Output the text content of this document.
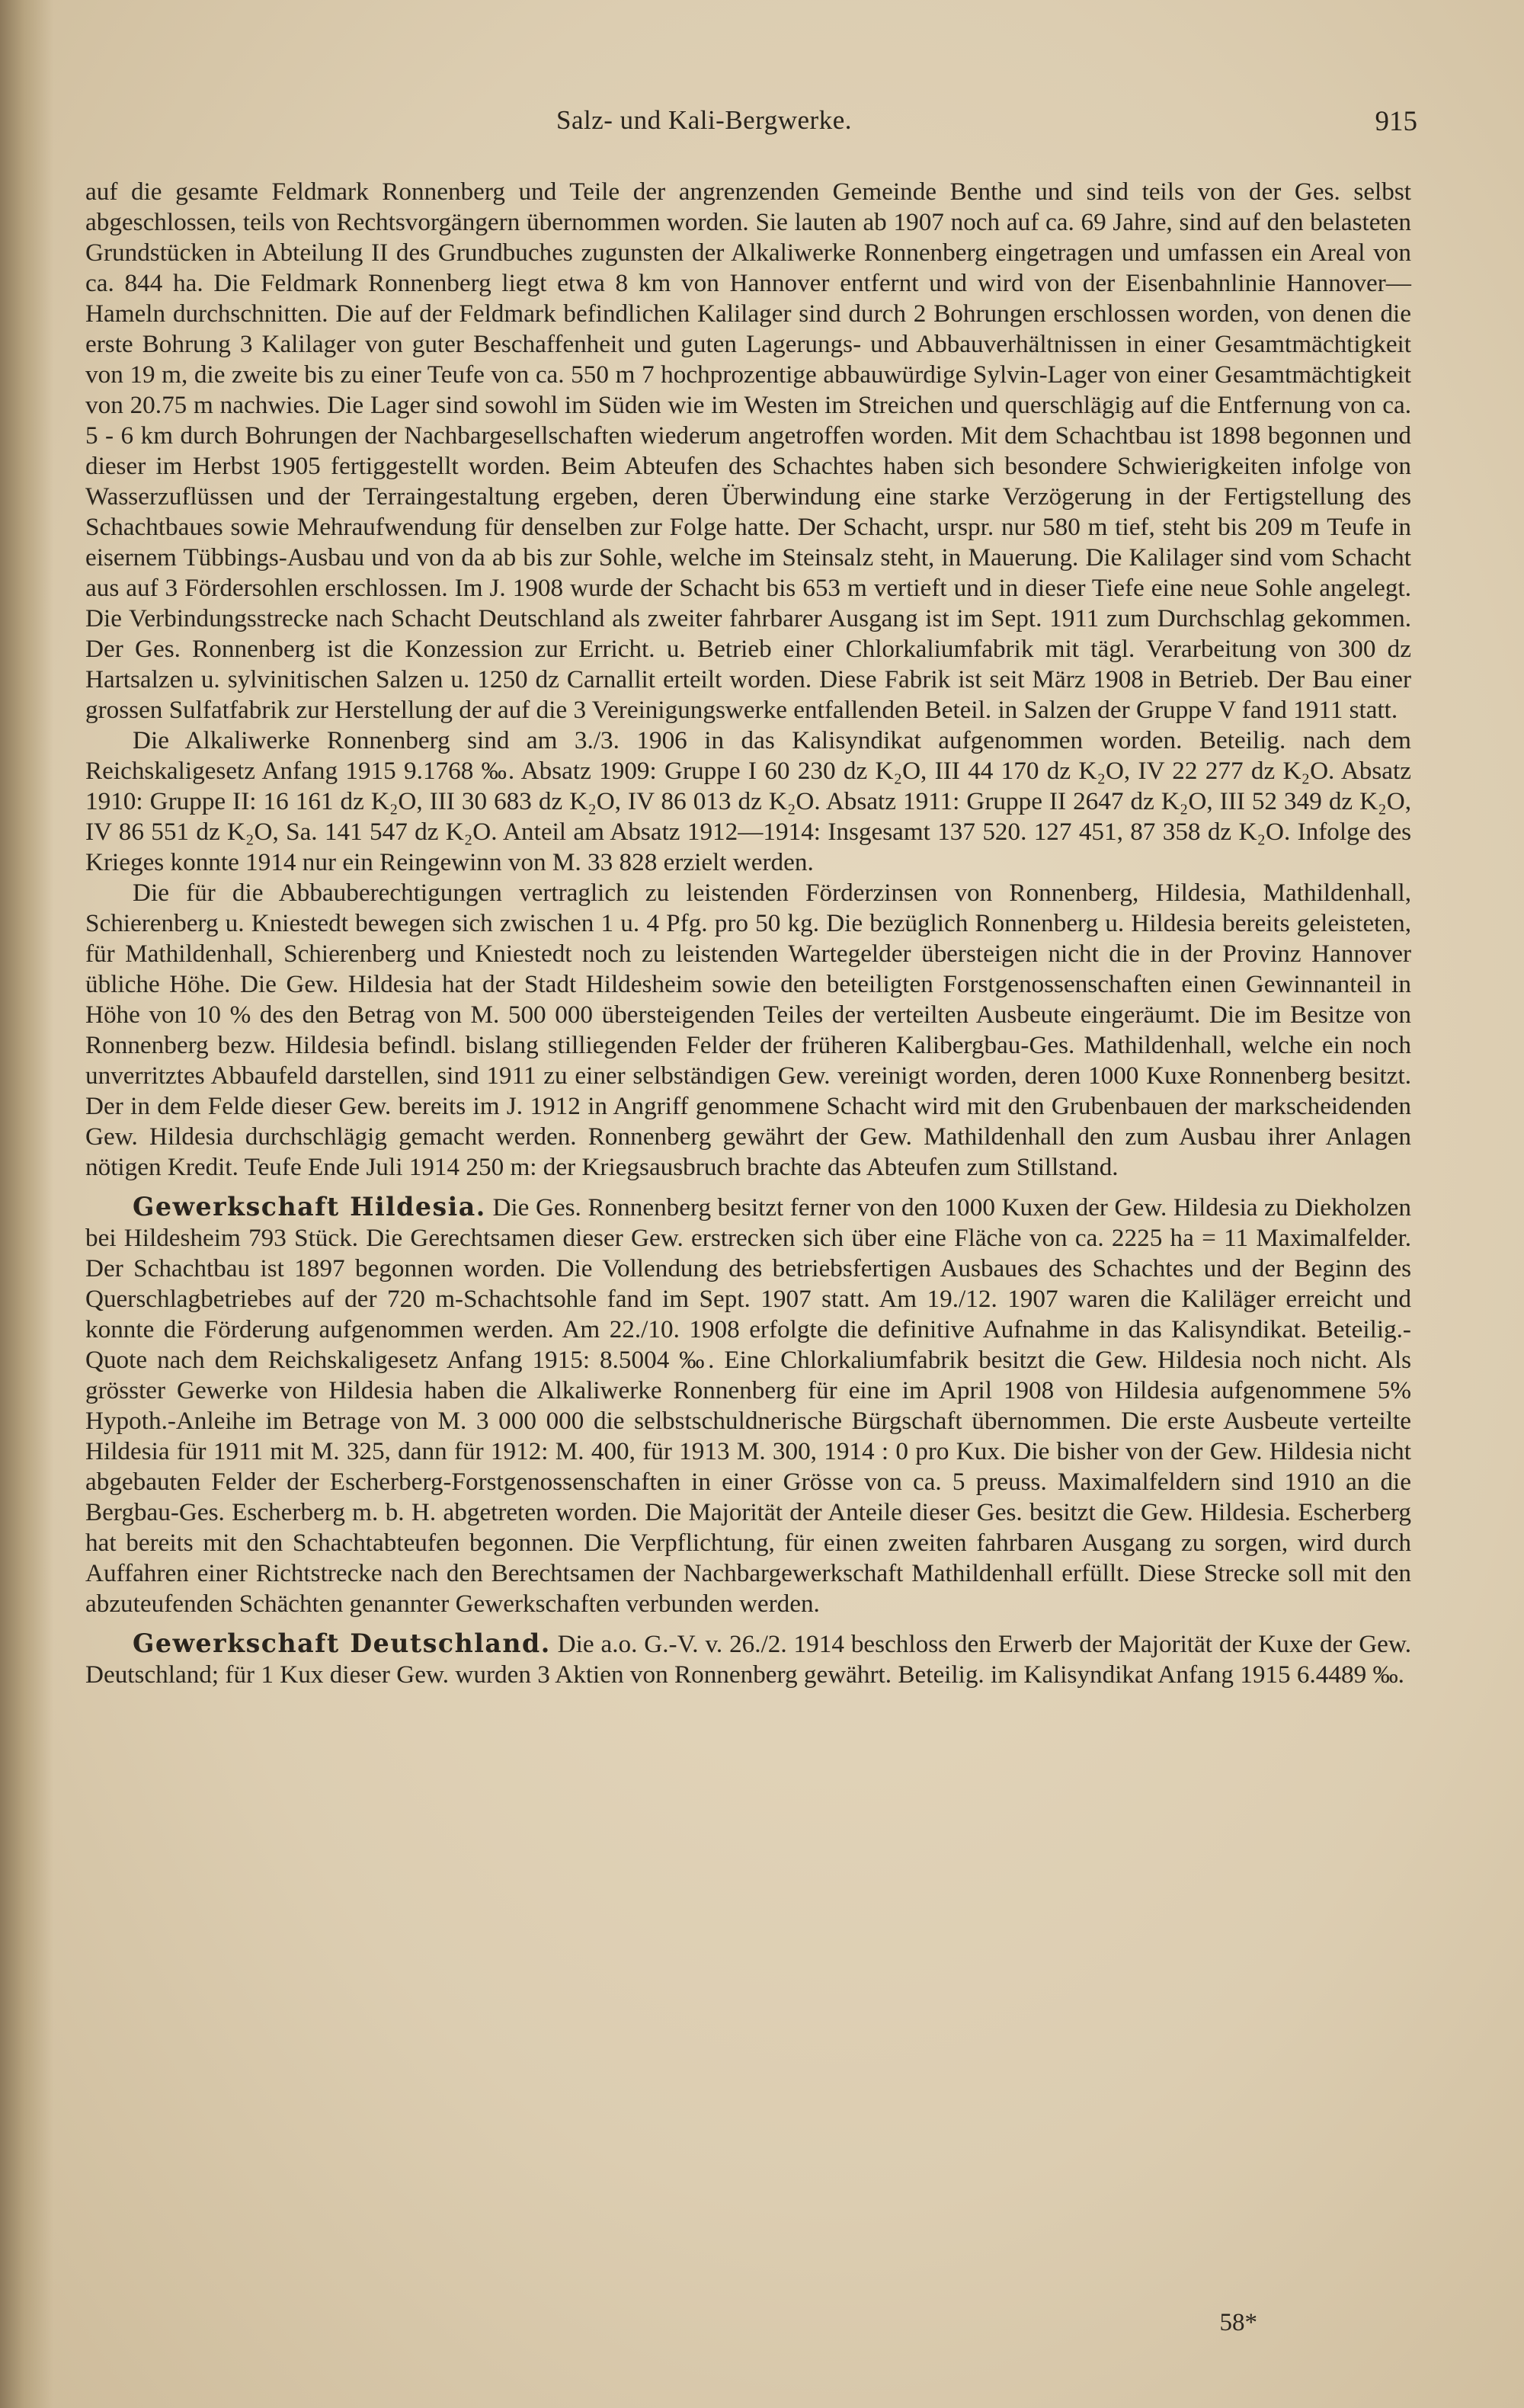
Salz- und Kali-Bergwerke.	915

auf die gesamte Feldmark Ronnenberg und Teile der angrenzenden Gemeinde Benthe und sind teils von der Ges. selbst abgeschlossen, teils von Rechtsvorgängern übernommen worden. Sie lauten ab 1907 noch auf ca. 69 Jahre, sind auf den belasteten Grundstücken in Abteilung II des Grundbuches zugunsten der Alkaliwerke Ronnenberg eingetragen und umfassen ein Areal von ca. 844 ha. Die Feldmark Ronnenberg liegt etwa 8 km von Hannover entfernt und wird von der Eisenbahnlinie Hannover—Hameln durchschnitten. Die auf der Feldmark befindlichen Kalilager sind durch 2 Bohrungen erschlossen worden, von denen die erste Bohrung 3 Kalilager von guter Beschaffenheit und guten Lagerungs- und Abbauverhältnissen in einer Gesamtmächtigkeit von 19 m, die zweite bis zu einer Teufe von ca. 550 m 7 hochprozentige abbauwürdige Sylvin-Lager von einer Gesamtmächtigkeit von 20.75 m nachwies. Die Lager sind sowohl im Süden wie im Westen im Streichen und querschlägig auf die Entfernung von ca. 5 - 6 km durch Bohrungen der Nachbargesellschaften wiederum angetroffen worden. Mit dem Schachtbau ist 1898 begonnen und dieser im Herbst 1905 fertiggestellt worden. Beim Abteufen des Schachtes haben sich besondere Schwierigkeiten infolge von Wasserzuflüssen und der Terraingestaltung ergeben, deren Überwindung eine starke Verzögerung in der Fertigstellung des Schachtbaues sowie Mehraufwendung für denselben zur Folge hatte. Der Schacht, urspr. nur 580 m tief, steht bis 209 m Teufe in eisernem Tübbings-Ausbau und von da ab bis zur Sohle, welche im Steinsalz steht, in Mauerung. Die Kalilager sind vom Schacht aus auf 3 Fördersohlen erschlossen. Im J. 1908 wurde der Schacht bis 653 m vertieft und in dieser Tiefe eine neue Sohle angelegt. Die Verbindungsstrecke nach Schacht Deutschland als zweiter fahrbarer Ausgang ist im Sept. 1911 zum Durchschlag gekommen. Der Ges. Ronnenberg ist die Konzession zur Erricht. u. Betrieb einer Chlorkaliumfabrik mit tägl. Verarbeitung von 300 dz Hartsalzen u. sylvinitischen Salzen u. 1250 dz Carnallit erteilt worden. Diese Fabrik ist seit März 1908 in Betrieb. Der Bau einer grossen Sulfatfabrik zur Herstellung der auf die 3 Vereinigungswerke entfallenden Beteil. in Salzen der Gruppe V fand 1911 statt.

Die Alkaliwerke Ronnenberg sind am 3./3. 1906 in das Kalisyndikat aufgenommen worden. Beteilig. nach dem Reichskaligesetz Anfang 1915 9.1768 ‰. Absatz 1909: Gruppe I 60 230 dz K₂O, III 44 170 dz K₂O, IV 22 277 dz K₂O. Absatz 1910: Gruppe II: 16 161 dz K₂O, III 30 683 dz K₂O, IV 86 013 dz K₂O. Absatz 1911: Gruppe II 2647 dz K₂O, III 52 349 dz K₂O, IV 86 551 dz K₂O, Sa. 141 547 dz K₂O. Anteil am Absatz 1912—1914: Insgesamt 137 520. 127 451, 87 358 dz K₂O. Infolge des Krieges konnte 1914 nur ein Reingewinn von M. 33 828 erzielt werden.

Die für die Abbauberechtigungen vertraglich zu leistenden Förderzinsen von Ronnenberg, Hildesia, Mathildenhall, Schierenberg u. Kniestedt bewegen sich zwischen 1 u. 4 Pfg. pro 50 kg. Die bezüglich Ronnenberg u. Hildesia bereits geleisteten, für Mathildenhall, Schierenberg und Kniestedt noch zu leistenden Wartegelder übersteigen nicht die in der Provinz Hannover übliche Höhe. Die Gew. Hildesia hat der Stadt Hildesheim sowie den beteiligten Forstgenossenschaften einen Gewinnanteil in Höhe von 10 % des den Betrag von M. 500 000 übersteigenden Teiles der verteilten Ausbeute eingeräumt. Die im Besitze von Ronnenberg bezw. Hildesia befindl. bislang stilliegenden Felder der früheren Kalibergbau-Ges. Mathildenhall, welche ein noch unverritztes Abbaufeld darstellen, sind 1911 zu einer selbständigen Gew. vereinigt worden, deren 1000 Kuxe Ronnenberg besitzt. Der in dem Felde dieser Gew. bereits im J. 1912 in Angriff genommene Schacht wird mit den Grubenbauen der markscheidenden Gew. Hildesia durchschlägig gemacht werden. Ronnenberg gewährt der Gew. Mathildenhall den zum Ausbau ihrer Anlagen nötigen Kredit. Teufe Ende Juli 1914 250 m: der Kriegsausbruch brachte das Abteufen zum Stillstand.

Gewerkschaft Hildesia. Die Ges. Ronnenberg besitzt ferner von den 1000 Kuxen der Gew. Hildesia zu Diekholzen bei Hildesheim 793 Stück. Die Gerechtsamen dieser Gew. erstrecken sich über eine Fläche von ca. 2225 ha = 11 Maximalfelder. Der Schachtbau ist 1897 begonnen worden. Die Vollendung des betriebsfertigen Ausbaues des Schachtes und der Beginn des Querschlagbetriebes auf der 720 m-Schachtsohle fand im Sept. 1907 statt. Am 19./12. 1907 waren die Kaliläger erreicht und konnte die Förderung aufgenommen werden. Am 22./10. 1908 erfolgte die definitive Aufnahme in das Kalisyndikat. Beteilig.-Quote nach dem Reichskaligesetz Anfang 1915: 8.5004 ‰. Eine Chlorkaliumfabrik besitzt die Gew. Hildesia noch nicht. Als grösster Gewerke von Hildesia haben die Alkaliwerke Ronnenberg für eine im April 1908 von Hildesia aufgenommene 5% Hypoth.-Anleihe im Betrage von M. 3 000 000 die selbstschuldnerische Bürgschaft übernommen. Die erste Ausbeute verteilte Hildesia für 1911 mit M. 325, dann für 1912: M. 400, für 1913 M. 300, 1914 : 0 pro Kux. Die bisher von der Gew. Hildesia nicht abgebauten Felder der Escherberg-Forstgenossenschaften in einer Grösse von ca. 5 preuss. Maximalfeldern sind 1910 an die Bergbau-Ges. Escherberg m. b. H. abgetreten worden. Die Majorität der Anteile dieser Ges. besitzt die Gew. Hildesia. Escherberg hat bereits mit den Schachtabteufen begonnen. Die Verpflichtung, für einen zweiten fahrbaren Ausgang zu sorgen, wird durch Auffahren einer Richtstrecke nach den Berechtsamen der Nachbargewerkschaft Mathildenhall erfüllt. Diese Strecke soll mit den abzuteufenden Schächten genannter Gewerkschaften verbunden werden.

Gewerkschaft Deutschland. Die a.o. G.-V. v. 26./2. 1914 beschloss den Erwerb der Majorität der Kuxe der Gew. Deutschland; für 1 Kux dieser Gew. wurden 3 Aktien von Ronnenberg gewährt. Beteilig. im Kalisyndikat Anfang 1915 6.4489 ‰.

58*
